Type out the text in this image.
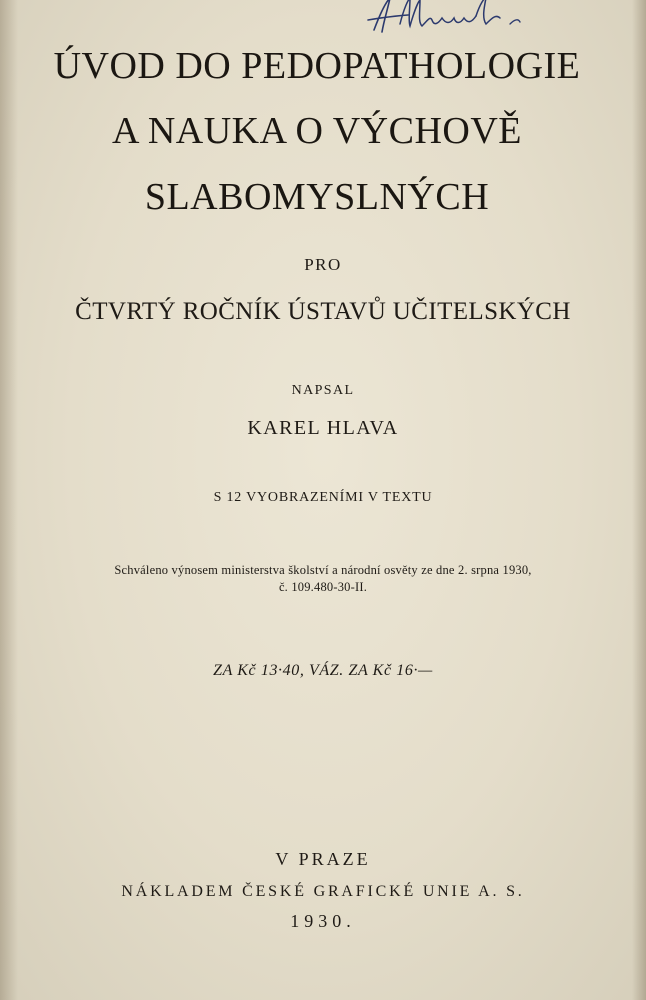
ÚVOD DO PEDOPATHOLOGIE
A NAUKA O VÝCHOVĚ
SLABOMYSLNÝCH
PRO
ČTVRTÝ ROČNÍK ÚSTAVŮ UČITELSKÝCH
NAPSAL
KAREL HLAVA
S 12 VYOBRAZENÍMI V TEXTU
Schváleno výnosem ministerstva školství a národní osvěty ze dne 2. srpna 1930,
č. 109.480-30-II.
ZA Kč 13·40, VÁZ. ZA Kč 16·—
V PRAZE
NÁKLADEM ČESKÉ GRAFICKÉ UNIE A. S.
1930.
